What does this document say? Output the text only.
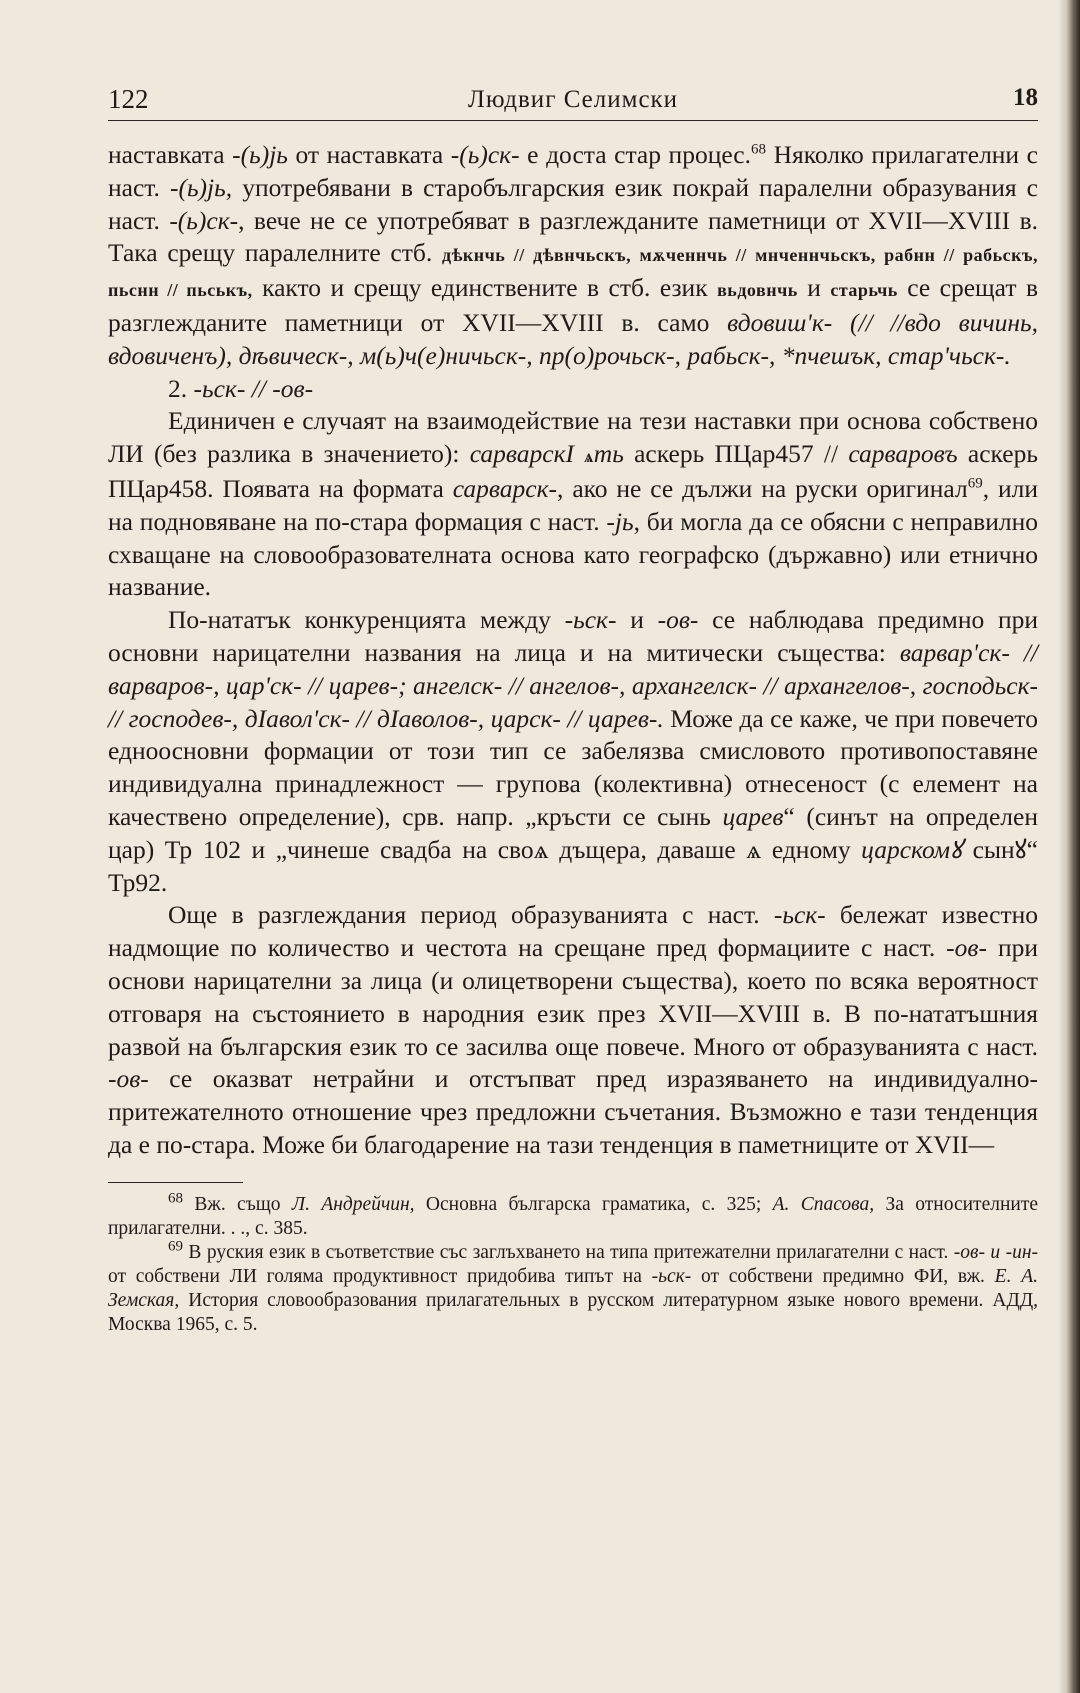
122	Людвиг Селимски	18

наставката -(ь)јь от наставката -(ь)ск- е доста стар процес.$^{68}$ Няколко прилагателни с наст. -(ь)јь, употребявани в старобългарския език покрай паралелни образувания с наст. -(ь)ск-, вече не се употребяват в разглежданите паметници от XVII—XVIII в. Така срещу паралелните стб. дѣкнчь // дѣвнчьскъ, мѫченнчь // мнченнчьскъ, рабнн // рабьскъ, пьснн // пьськъ, както и срещу единствените в стб. език вьдовнчь и старьчь се срещат в разглежданите паметници от XVII—XVIII в. само вдовиш'к- (// //вдо вичинь, вдовиченъ), дѣвическ-, м(ь)ч(е)ничьск-, пр(о)рочьск-, рабьск-, *пчешък, стар'чьск-.

2. -ьск- // -ов-

Единичен е случаят на взаимодействие на тези наставки при основа собствено ЛИ (без разлика в значението): сарварскІ ѧть аскерь ПЦар457 // сарваровъ аскерь ПЦар458. Появата на формата сарварск-, ако не се дължи на руски оригинал$^{69}$, или на подновяване на по-стара формация с наст. -јь, би могла да се обясни с неправилно схващане на словообразователната основа като географско (държавно) или етнично название.

По-нататък конкуренцията между -ьск- и -ов- се наблюдава предимно при основни нарицателни названия на лица и на митически същества: варвар'ск- // варваров-, цар'ск- // царев-; ангелск- // ангелов-, архангелск- // архангелов-, господьск- // господев-, дІавол'ск- // дІаволов-, царск- // царев-. Може да се каже, че при повечето едноосновни формации от този тип се забелязва смисловото противопоставяне индивидуална принадлежност — групова (колективна) отнесеност (с елемент на качествено определение), срв. напр. „кръсти се сынь царев“ (синът на определен цар) Тр 102 и „чинеше свадба на своѧ дъщера, даваше ѧ едному царскомꙋ сынꙋ“ Тр92.

Още в разглеждания период образуванията с наст. -ьск- бележат известно надмощие по количество и честота на срещане пред формациите с наст. -ов- при основи нарицателни за лица (и олицетворени същества), което по всяка вероятност отговаря на състоянието в народния език през XVII—XVIII в. В по-нататъшния развой на българския език то се засилва още повече. Много от образуванията с наст. -ов- се оказват нетрайни и отстъпват пред изразяването на индивидуално-притежателното отношение чрез предложни съчетания. Възможно е тази тенденция да е по-стара. Може би благодарение на тази тенденция в паметниците от XVII—

$^{68}$ Вж. също Л. Андрейчин, Основна българска граматика, с. 325; А. Спасова, За относителните прилагателни. . ., с. 385.

$^{69}$ В руския език в съответствие със заглъхването на типа притежателни прилагателни с наст. -ов- и -ин- от собствени ЛИ голяма продуктивност придобива типът на -ьск- от собствени предимно ФИ, вж. Е. А. Земская, История словообразования прилагательных в русском литературном языке нового времени. АДД, Москва 1965, с. 5.
